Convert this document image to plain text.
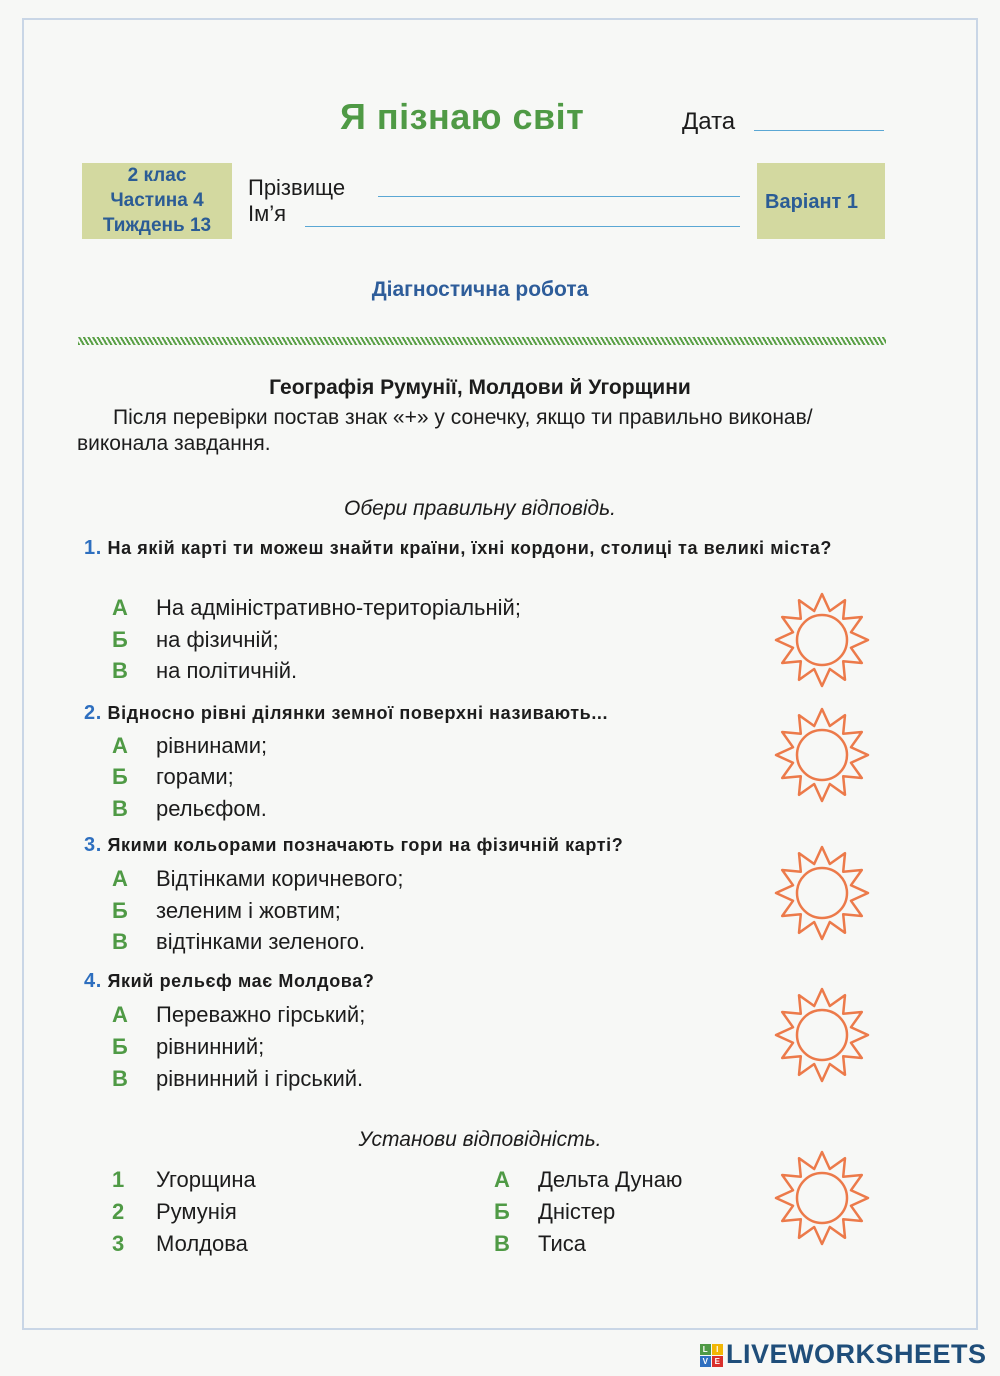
Я пізнаю світ	Дата
2 клас
Частина 4
Тиждень 13
Прізвище
Ім’я	Варіант 1
Діагностична робота
Географія Румунії, Молдови й Угорщини
Після перевірки постав знак «+» у сонечку, якщо ти правильно виконав/виконала завдання.
Обери правильну відповідь.
1. На якій карті ти можеш знайти країни, їхні кордони, столиці та великі міста?
А На адміністративно-територіальній;
Б на фізичній;
В на політичній.
2. Відносно рівні ділянки земної поверхні називають...
А рівнинами;
Б горами;
В рельєфом.
3. Якими кольорами позначають гори на фізичній карті?
А Відтінками коричневого;
Б зеленим і жовтим;
В відтінками зеленого.
4. Який рельєф має Молдова?
А Переважно гірський;
Б рівнинний;
В рівнинний і гірський.
Установи відповідність.
1 Угорщина	А Дельта Дунаю
2 Румунія	Б Дністер
3 Молдова	В Тиса
L I
V E LIVEWORKSHEETS
